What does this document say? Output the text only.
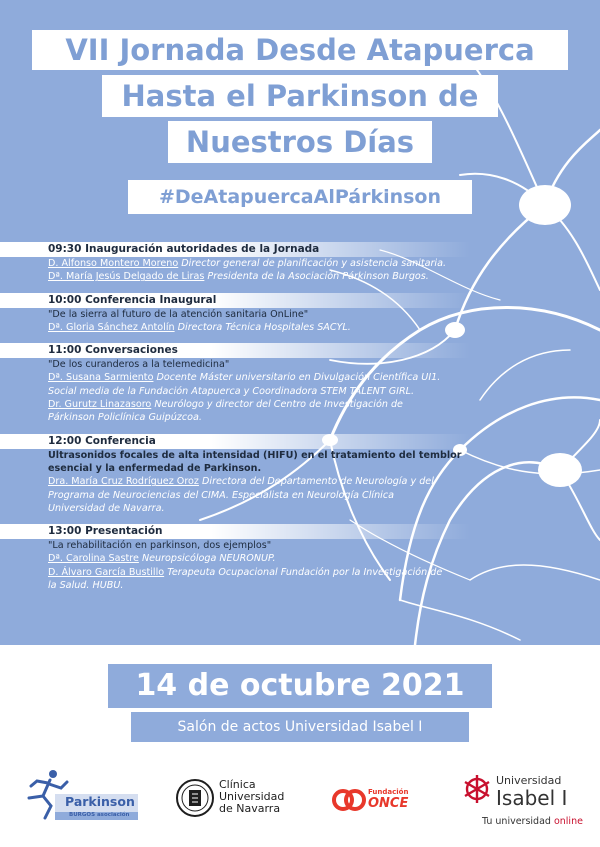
VII Jornada Desde Atapuerca
Hasta el Parkinson de
Nuestros Días
#DeAtapuercaAlPárkinson
09:30 Inauguración autoridades de la Jornada
D. Alfonso Montero Moreno Director general de planificación y asistencia sanitaria.
Dª. María Jesús Delgado de Liras Presidenta de la Asociación Párkinson Burgos.
10:00 Conferencia Inaugural
"De la sierra al futuro de la atención sanitaria OnLine"
Dª. Gloria Sánchez Antolín Directora Técnica Hospitales SACYL.
11:00 Conversaciones
"De los curanderos a la telemedicina"
Dª. Susana Sarmiento Docente Máster universitario en Divulgación Científica UI1.
Social media de la Fundación Atapuerca y Coordinadora STEM TALENT GIRL.
Dr. Gurutz Linazasoro Neurólogo y director del Centro de Investigación de
Párkinson Policlínica Guipúzcoa.
12:00 Conferencia
Ultrasonidos focales de alta intensidad (HIFU) en el tratamiento del temblor
esencial y la enfermedad de Parkinson.
Dra. María Cruz Rodríguez Oroz Directora del Departamento de Neurología y del
Programa de Neurociencias del CIMA. Especialista en Neurología Clínica
Universidad de Navarra.
13:00 Presentación
"La rehabilitación en parkinson, dos ejemplos"
Dª. Carolina Sastre Neuropsicóloga NEURONUP.
D. Álvaro García Bustillo Terapeuta Ocupacional Fundación por la Investigación de
la Salud. HUBU.
14 de octubre 2021
Salón de actos Universidad Isabel I
Parkinson
BURGOS asociación
Clínica
Universidad
de Navarra
Fundación
ONCE
Universidad
Isabel I
Tu universidad online
